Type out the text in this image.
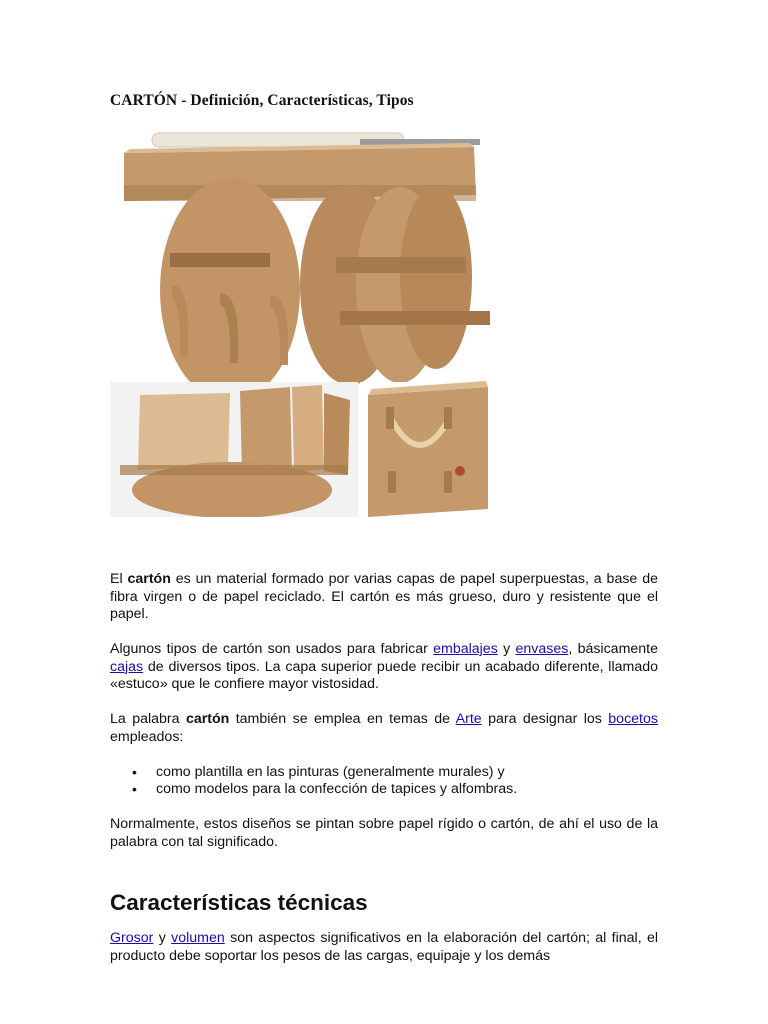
CARTÓN - Definición, Características, Tipos

El cartón es un material formado por varias capas de papel superpuestas, a base de fibra virgen o de papel reciclado. El cartón es más grueso, duro y resistente que el papel.

Algunos tipos de cartón son usados para fabricar embalajes y envases, básicamente cajas de diversos tipos. La capa superior puede recibir un acabado diferente, llamado «estuco» que le confiere mayor vistosidad.

La palabra cartón también se emplea en temas de Arte para designar los bocetos empleados:

• como plantilla en las pinturas (generalmente murales) y
• como modelos para la confección de tapices y alfombras.

Normalmente, estos diseños se pintan sobre papel rígido o cartón, de ahí el uso de la palabra con tal significado.

Características técnicas

Grosor y volumen son aspectos significativos en la elaboración del cartón; al final, el producto debe soportar los pesos de las cargas, equipaje y los demás
